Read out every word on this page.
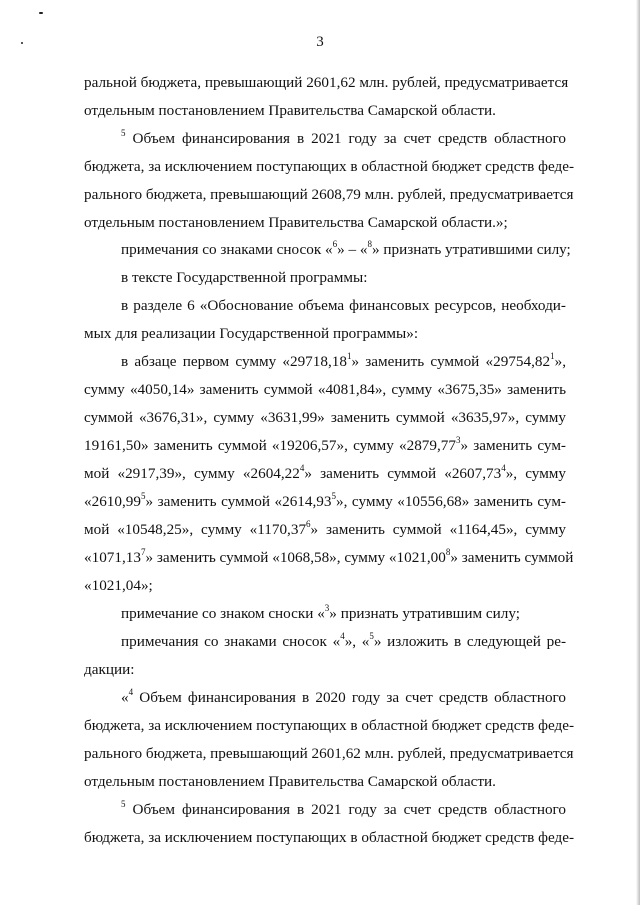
3
ральной бюджета, превышающий 2601,62 млн. рублей, предусматривается
отдельным постановлением Правительства Самарской области.
$^5$ Объем финансирования в 2021 году за счет средств областного
бюджета, за исключением поступающих в областной бюджет средств феде-
рального бюджета, превышающий 2608,79 млн. рублей, предусматривается
отдельным постановлением Правительства Самарской области.»;
примечания со знаками сносок «$^6$» – «$^8$» признать утратившими силу;
в тексте Государственной программы:
в разделе 6 «Обоснование объема финансовых ресурсов, необходи-
мых для реализации Государственной программы»:
в абзаце первом сумму «29718,18$^1$» заменить суммой «29754,82$^1$»,
сумму «4050,14» заменить суммой «4081,84», сумму «3675,35» заменить
суммой «3676,31», сумму «3631,99» заменить суммой «3635,97», сумму
19161,50» заменить суммой «19206,57», сумму «2879,77$^3$» заменить сум-
мой «2917,39», сумму «2604,22$^4$» заменить суммой «2607,73$^4$», сумму
«2610,99$^5$» заменить суммой «2614,93$^5$», сумму «10556,68» заменить сум-
мой «10548,25», сумму «1170,37$^6$» заменить суммой «1164,45», сумму
«1071,13$^7$» заменить суммой «1068,58», сумму «1021,00$^8$» заменить суммой
«1021,04»;
примечание со знаком сноски «$^3$» признать утратившим силу;
примечания со знаками сносок «$^4$», «$^5$» изложить в следующей ре-
дакции:
«$^4$ Объем финансирования в 2020 году за счет средств областного
бюджета, за исключением поступающих в областной бюджет средств феде-
рального бюджета, превышающий 2601,62 млн. рублей, предусматривается
отдельным постановлением Правительства Самарской области.
$^5$ Объем финансирования в 2021 году за счет средств областного
бюджета, за исключением поступающих в областной бюджет средств феде-
